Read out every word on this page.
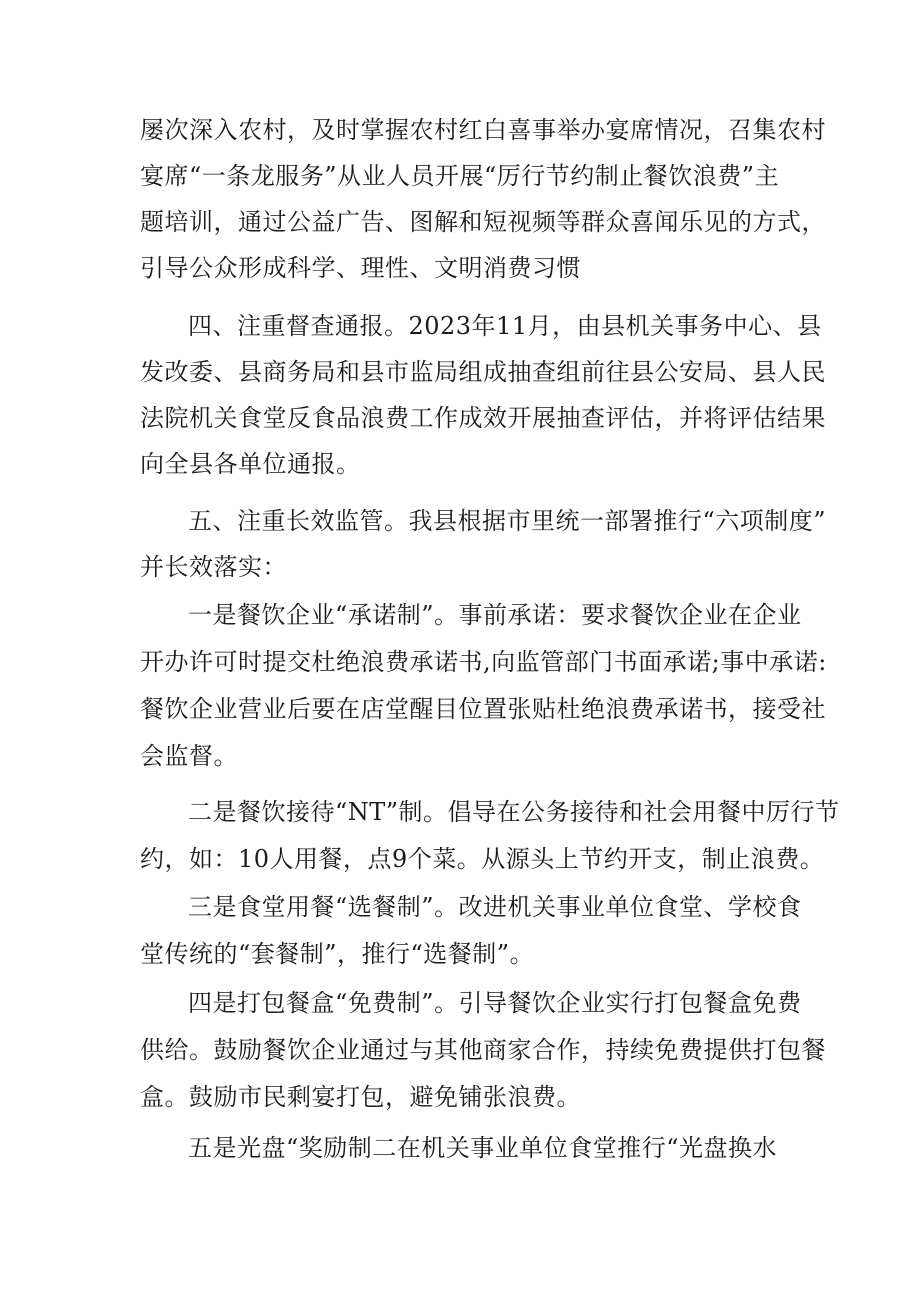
屡次深入农村，及时掌握农村红白喜事举办宴席情况，召集农村
宴席“一条龙服务”从业人员开展“厉行节约制止餐饮浪费”主
题培训，通过公益广告、图解和短视频等群众喜闻乐见的方式，
引导公众形成科学、理性、文明消费习惯
四、注重督查通报。2023年11月，由县机关事务中心、县
发改委、县商务局和县市监局组成抽查组前往县公安局、县人民
法院机关食堂反食品浪费工作成效开展抽查评估，并将评估结果
向全县各单位通报。
五、注重长效监管。我县根据市里统一部署推行“六项制度”
并长效落实：
一是餐饮企业“承诺制”。事前承诺：要求餐饮企业在企业
开办许可时提交杜绝浪费承诺书,向监管部门书面承诺;事中承诺:
餐饮企业营业后要在店堂醒目位置张贴杜绝浪费承诺书，接受社
会监督。
二是餐饮接待“NT”制。倡导在公务接待和社会用餐中厉行节
约，如：10人用餐，点9个菜。从源头上节约开支，制止浪费。
三是食堂用餐“选餐制”。改进机关事业单位食堂、学校食
堂传统的“套餐制”，推行“选餐制”。
四是打包餐盒“免费制”。引导餐饮企业实行打包餐盒免费
供给。鼓励餐饮企业通过与其他商家合作，持续免费提供打包餐
盒。鼓励市民剩宴打包，避免铺张浪费。
五是光盘“奖励制二在机关事业单位食堂推行“光盘换水
